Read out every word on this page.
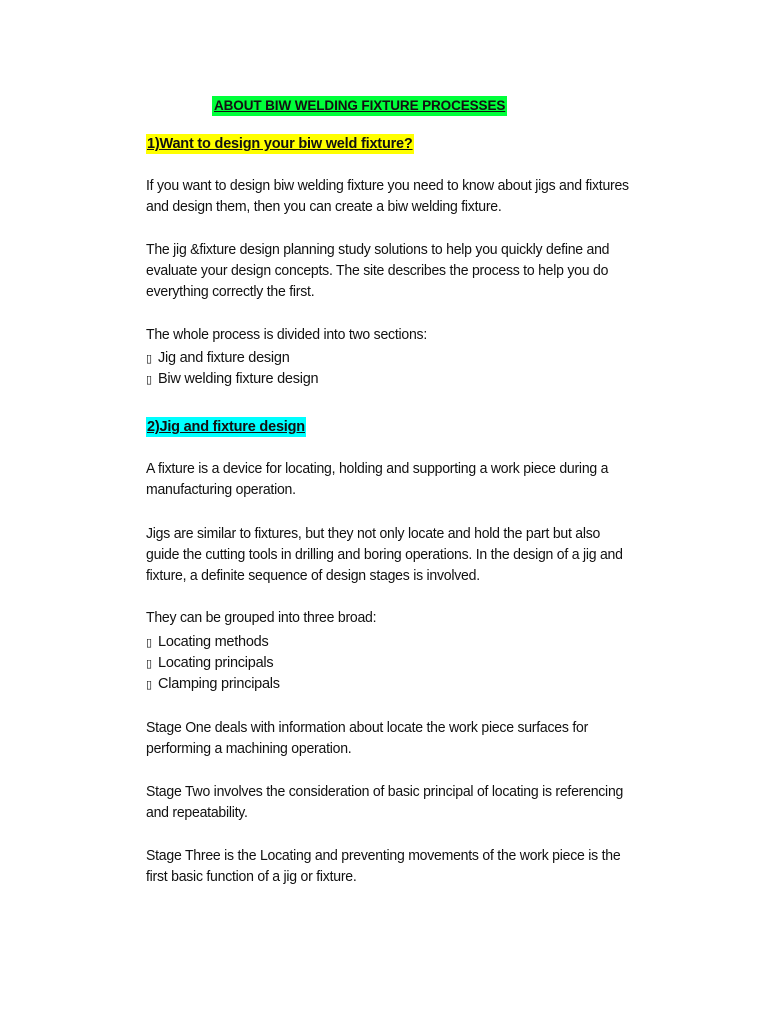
ABOUT BIW WELDING FIXTURE PROCESSES
1)Want to design your biw weld fixture?

If you want to design biw welding fixture you need to know about jigs and fixtures and design them, then you can create a biw welding fixture.

The jig &fixture design planning study solutions to help you quickly define and evaluate your design concepts. The site describes the process to help you do everything correctly the first.

The whole process is divided into two sections:

▯ Jig and fixture design
▯ Biw welding fixture design
2)Jig and fixture design

A fixture is a device for locating, holding and supporting a work piece during a manufacturing operation.

Jigs are similar to fixtures, but they not only locate and hold the part but also guide the cutting tools in drilling and boring operations. In the design of a jig and fixture, a definite sequence of design stages is involved.

They can be grouped into three broad:

▯ Locating methods
▯ Locating principals
▯ Clamping principals

Stage One deals with information about locate the work piece surfaces for performing a machining operation.

Stage Two involves the consideration of basic principal of locating is referencing and repeatability.

Stage Three is the Locating and preventing movements of the work piece is the first basic function of a jig or fixture.
